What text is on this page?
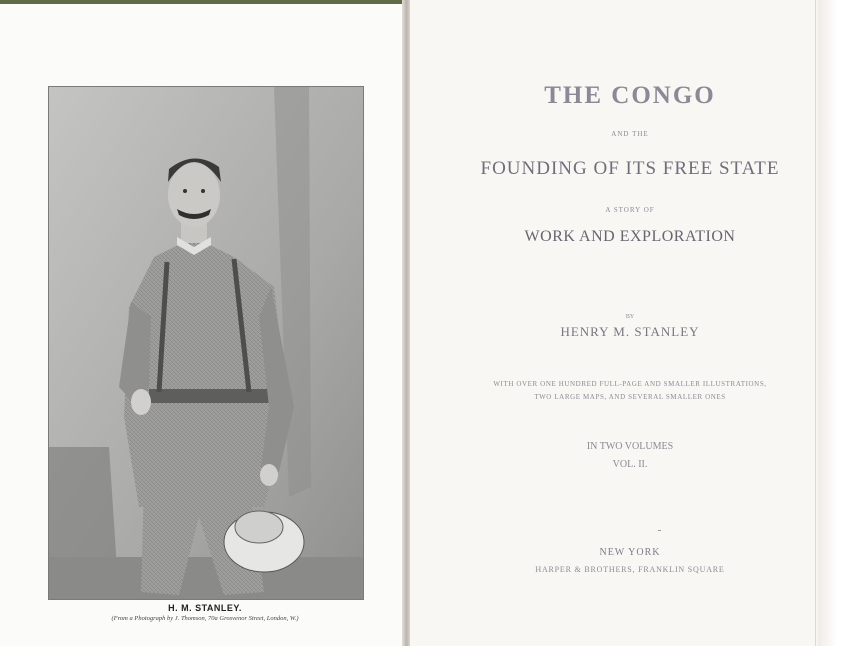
H. M. STANLEY.
(From a Photograph by J. Thomson, 70a Grosvenor Street, London, W.)
THE CONGO
AND THE
FOUNDING OF ITS FREE STATE
A STORY OF
WORK AND EXPLORATION
BY
HENRY M. STANLEY
WITH OVER ONE HUNDRED FULL-PAGE AND SMALLER ILLUSTRATIONS,
TWO LARGE MAPS, AND SEVERAL SMALLER ONES
IN TWO VOLUMES
VOL. II.
NEW YORK
HARPER & BROTHERS, FRANKLIN SQUARE
